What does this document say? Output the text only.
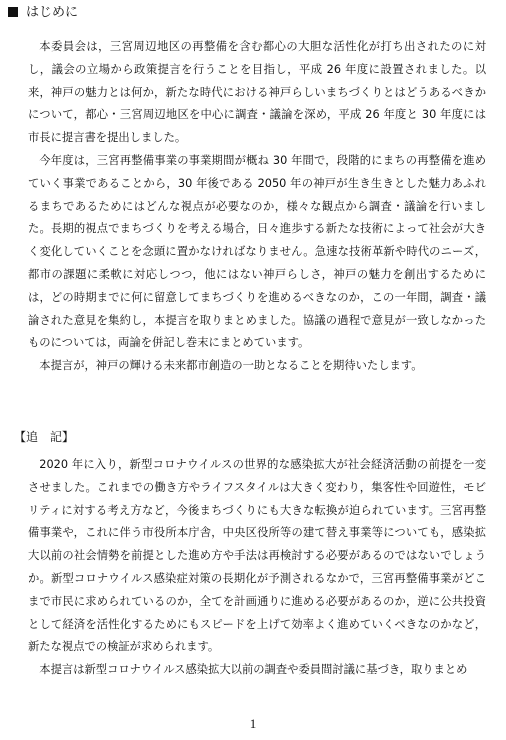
はじめに

本委員会は，三宮周辺地区の再整備を含む都心の大胆な活性化が打ち出されたのに対し，議会の立場から政策提言を行うことを目指し，平成 26 年度に設置されました。以来，神戸の魅力とは何か，新たな時代における神戸らしいまちづくりとはどうあるべきかについて，都心・三宮周辺地区を中心に調査・議論を深め，平成 26 年度と 30 年度には市長に提言書を提出しました。

今年度は，三宮再整備事業の事業期間が概ね 30 年間で，段階的にまちの再整備を進めていく事業であることから，30 年後である 2050 年の神戸が生き生きとした魅力あふれるまちであるためにはどんな視点が必要なのか，様々な観点から調査・議論を行いました。長期的視点でまちづくりを考える場合，日々進歩する新たな技術によって社会が大きく変化していくことを念頭に置かなければなりません。急速な技術革新や時代のニーズ，都市の課題に柔軟に対応しつつ，他にはない神戸らしさ，神戸の魅力を創出するためには，どの時期までに何に留意してまちづくりを進めるべきなのか，この一年間，調査・議論された意見を集約し，本提言を取りまとめました。協議の過程で意見が一致しなかったものについては，両論を併記し巻末にまとめています。

本提言が，神戸の輝ける未来都市創造の一助となることを期待いたします。

【追　記】

2020 年に入り，新型コロナウイルスの世界的な感染拡大が社会経済活動の前提を一変させました。これまでの働き方やライフスタイルは大きく変わり，集客性や回遊性，モビリティに対する考え方など，今後まちづくりにも大きな転換が迫られています。三宮再整備事業や，これに伴う市役所本庁舎，中央区役所等の建て替え事業等についても，感染拡大以前の社会情勢を前提とした進め方や手法は再検討する必要があるのではないでしょうか。新型コロナウイルス感染症対策の長期化が予測されるなかで，三宮再整備事業がどこまで市民に求められているのか，全てを計画通りに進める必要があるのか，逆に公共投資として経済を活性化するためにもスピードを上げて効率よく進めていくべきなのかなど，新たな視点での検証が求められます。

本提言は新型コロナウイルス感染拡大以前の調査や委員間討議に基づき，取りまとめ

1
